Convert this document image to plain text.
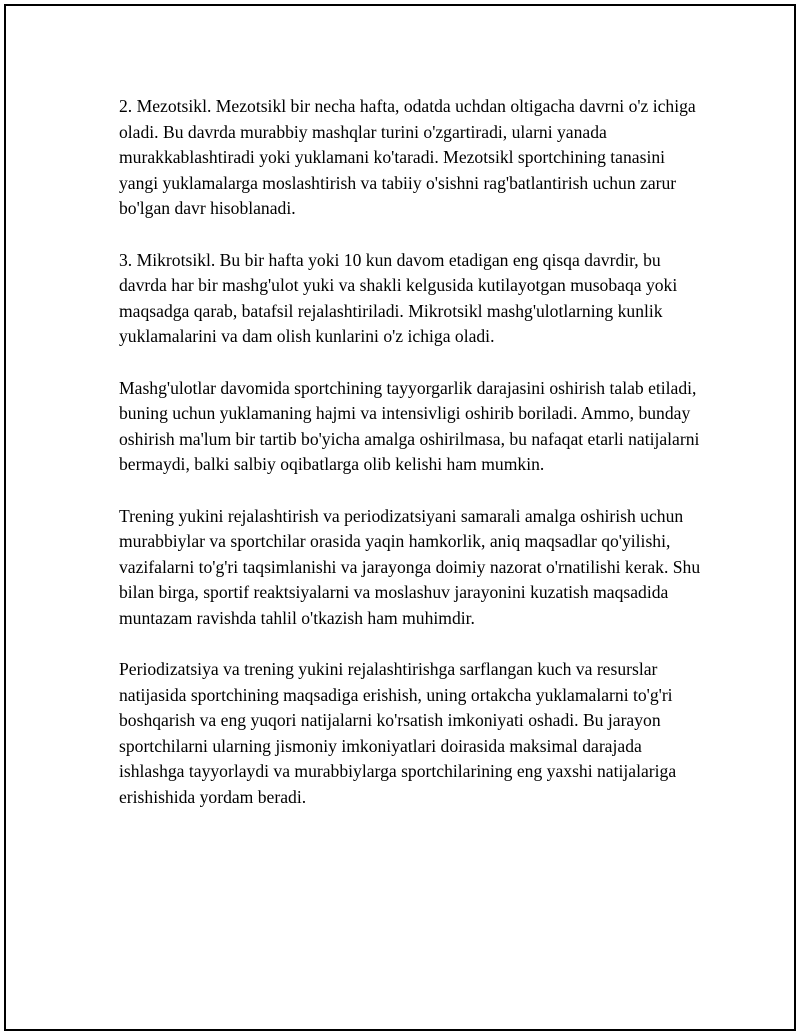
2. Mezotsikl. Mezotsikl bir necha hafta, odatda uchdan oltigacha davrni o'z ichiga oladi. Bu davrda murabbiy mashqlar turini o'zgartiradi, ularni yanada murakkablashtiradi yoki yuklamani ko'taradi. Mezotsikl sportchining tanasini yangi yuklamalarga moslashtirish va tabiiy o'sishni rag'batlantirish uchun zarur bo'lgan davr hisoblanadi.

3. Mikrotsikl. Bu bir hafta yoki 10 kun davom etadigan eng qisqa davrdir, bu davrda har bir mashg'ulot yuki va shakli kelgusida kutilayotgan musobaqa yoki maqsadga qarab, batafsil rejalashtiriladi. Mikrotsikl mashg'ulotlarning kunlik yuklamalarini va dam olish kunlarini o'z ichiga oladi.

Mashg'ulotlar davomida sportchining tayyorgarlik darajasini oshirish talab etiladi, buning uchun yuklamaning hajmi va intensivligi oshirib boriladi. Ammo, bunday oshirish ma'lum bir tartib bo'yicha amalga oshirilmasa, bu nafaqat etarli natijalarni bermaydi, balki salbiy oqibatlarga olib kelishi ham mumkin.

Trening yukini rejalashtirish va periodizatsiyani samarali amalga oshirish uchun murabbiylar va sportchilar orasida yaqin hamkorlik, aniq maqsadlar qo'yilishi, vazifalarni to'g'ri taqsimlanishi va jarayonga doimiy nazorat o'rnatilishi kerak. Shu bilan birga, sportif reaktsiyalarni va moslashuv jarayonini kuzatish maqsadida muntazam ravishda tahlil o'tkazish ham muhimdir.

Periodizatsiya va trening yukini rejalashtirishga sarflangan kuch va resurslar natijasida sportchining maqsadiga erishish, uning ortakcha yuklamalarni to'g'ri boshqarish va eng yuqori natijalarni ko'rsatish imkoniyati oshadi. Bu jarayon sportchilarni ularning jismoniy imkoniyatlari doirasida maksimal darajada ishlashga tayyorlaydi va murabbiylarga sportchilarining eng yaxshi natijalariga erishishida yordam beradi.
